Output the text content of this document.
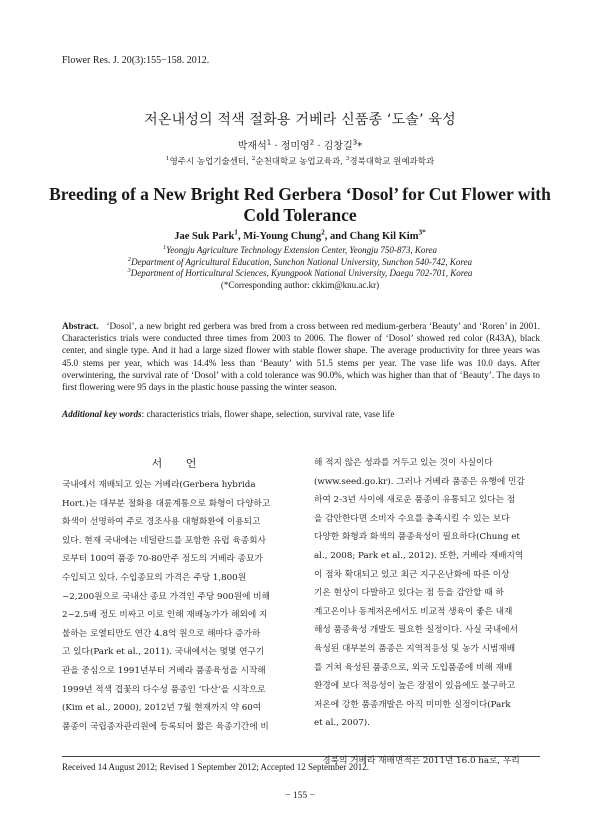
Flower Res. J. 20(3):155−158. 2012.
저온내성의 적색 절화용 거베라 신품종 ‘도솔’ 육성
박재석$^1$ · 정미영$^2$ · 김창길$^3$*
$^1$영주시 농업기술센터, $^2$순천대학교 농업교육과, $^3$경북대학교 원예과학과
Breeding of a New Bright Red Gerbera ‘Dosol’ for Cut Flower with Cold Tolerance
Jae Suk Park$^1$, Mi-Young Chung$^2$, and Chang Kil Kim$^{3*}$
$^1$Yeongju Agriculture Technology Extension Center, Yeongju 750-873, Korea
$^2$Department of Agricultural Education, Sunchon National University, Sunchon 540-742, Korea
$^3$Department of Horticultural Sciences, Kyungpook National University, Daegu 702-701, Korea
(*Corresponding author: ckkim@knu.ac.kr)
Abstract. ‘Dosol’, a new bright red gerbera was bred from a cross between red medium-gerbera ‘Beauty’ and ‘Roren’ in 2001. Characteristics trials were conducted three times from 2003 to 2006. The flower of ‘Dosol’ showed red color (R43A), black center, and single type. And it had a large sized flower with stable flower shape. The average productivity for three years was 45.0 stems per year, which was 14.4% less than ‘Beauty’ with 51.5 stems per year. The vase life was 10.0 days. After overwintering, the survival rate of ‘Dosol’ with a cold tolerance was 90.0%, which was higher than that of ‘Beauty’. The days to first flowering were 95 days in the plastic house passing the winter season.
Additional key words: characteristics trials, flower shape, selection, survival rate, vase life
서 언
국내에서 재배되고 있는 거베라(Gerbera hybrida
Hort.)는 대부분 절화용 대륜계통으로 화형이 다양하고
화색이 선명하여 주로 경조사용 대형화환에 이용되고
있다. 현재 국내에는 네덜란드를 포함한 유럽 육종회사
로부터 100여 품종 70-80만주 정도의 거베라 종묘가
수입되고 있다. 수입종묘의 가격은 주당 1,800원
~2,200원으로 국내산 종묘 가격인 주당 900원에 비해
2~2.5배 정도 비싸고 이로 인해 재배농가가 해외에 지
불하는 로열티만도 연간 4.8억 원으로 해마다 증가하
고 있다(Park et al., 2011). 국내에서는 몇몇 연구기
관을 중심으로 1991년부터 거베라 품종육성을 시작해
1999년 적색 겹꽃의 다수성 품종인 ‘다산’을 시작으로
(Kim et al., 2000), 2012년 7월 현재까지 약 60여
품종이 국립종자관리원에 등록되어 짧은 육종기간에 비
해 적지 않은 성과를 거두고 있는 것이 사실이다
(www.seed.go.kr). 그러나 거베라 품종은 유행에 민감
하여 2-3년 사이에 새로운 품종이 유통되고 있다는 점
을 감안한다면 소비자 수요를 충족시킬 수 있는 보다
다양한 화형과 화색의 품종육성이 필요하다(Chung et
al., 2008; Park et al., 2012). 또한, 거베라 재배지역
이 점차 확대되고 있고 최근 지구온난화에 따른 이상
기온 현상이 다발하고 있다는 점 등을 감안할 때 하
계고온이나 동계저온에서도 비교적 생육이 좋은 내재
해성 품종육성 개발도 필요한 실정이다. 사실 국내에서
육성된 대부분의 품종은 지역적응성 및 농가 시범재배
를 거쳐 육성된 품종으로, 외국 도입품종에 비해 재배
환경에 보다 적응성이 높은 장점이 있음에도 불구하고
저온에 강한 품종개발은 아직 미미한 실정이다(Park
et al., 2007).

경북의 거베라 재배면적은 2011년 16.0 ha로, 우리
Received 14 August 2012; Revised 1 September 2012; Accepted 12 September 2012.
− 155 −
